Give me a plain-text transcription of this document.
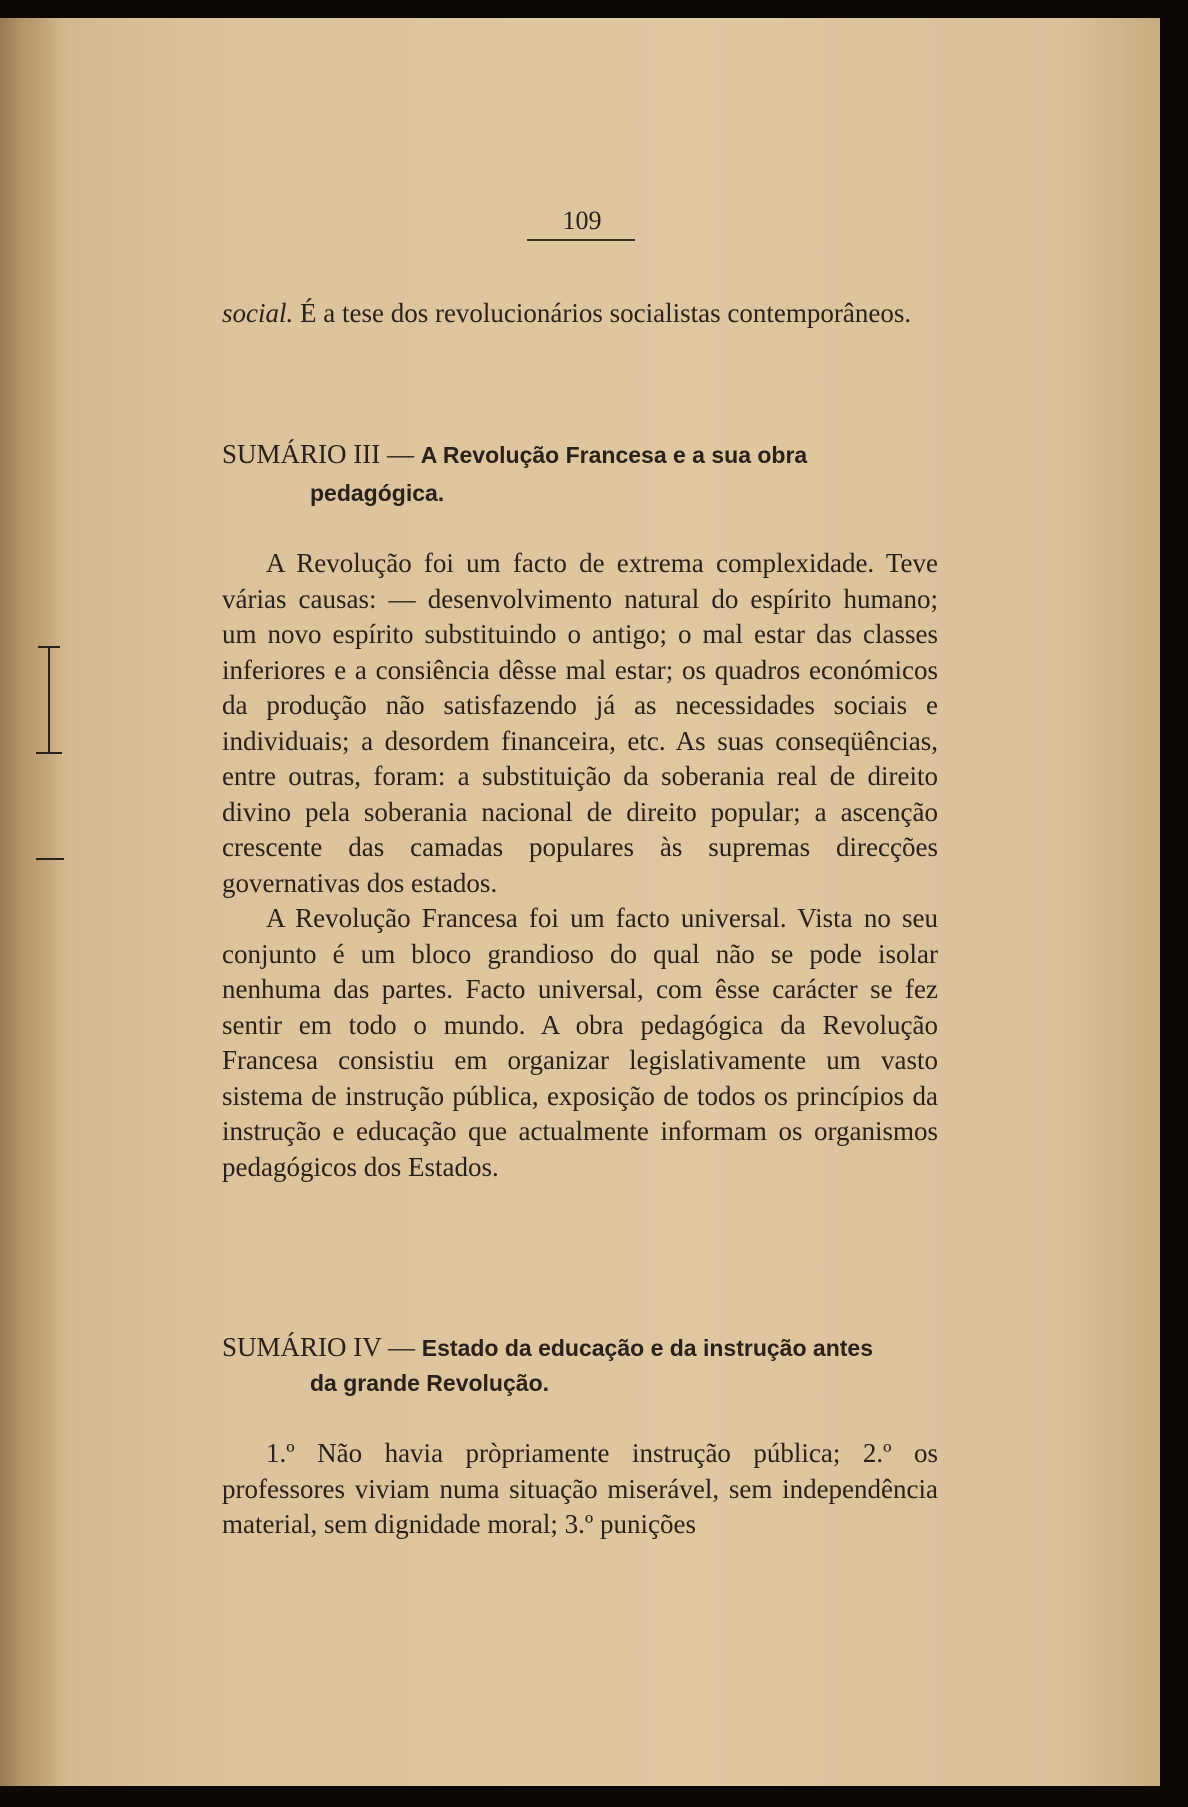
109

social. É a tese dos revolucionários socialistas contemporâneos.

SUMÁRIO III — A Revolução Francesa e a sua obra

pedagógica.

A Revolução foi um facto de extrema complexidade. Teve várias causas: — desenvolvimento natural do espírito humano; um novo espírito substituindo o antigo; o mal estar das classes inferiores e a consiência dêsse mal estar; os quadros económicos da produção não satisfazendo já as necessidades sociais e individuais; a desordem financeira, etc. As suas conseqüências, entre outras, foram: a substituição da soberania real de direito divino pela soberania nacional de direito popular; a ascenção crescente das camadas populares às supremas direcções governativas dos estados.

A Revolução Francesa foi um facto universal. Vista no seu conjunto é um bloco grandioso do qual não se pode isolar nenhuma das partes. Facto universal, com êsse carácter se fez sentir em todo o mundo. A obra pedagógica da Revolução Francesa consistiu em organizar legislativamente um vasto sistema de instrução pública, exposição de todos os princípios da instrução e educação que actualmente informam os organismos pedagógicos dos Estados.

SUMÁRIO IV — Estado da educação e da instrução antes

da grande Revolução.

1.º Não havia pròpriamente instrução pública; 2.º os professores viviam numa situação miserável, sem independência material, sem dignidade moral; 3.º punições
